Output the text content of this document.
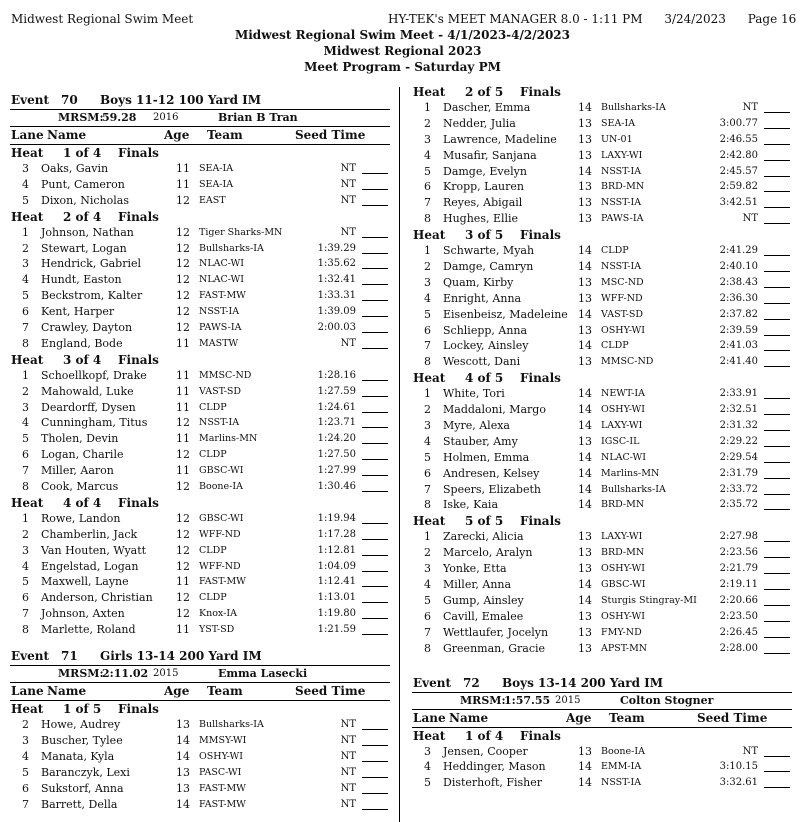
Midwest Regional Swim Meet	HY-TEK's MEET MANAGER 8.0 - 1:11 PM 3/24/2023 Page 16
Midwest Regional Swim Meet - 4/1/2023-4/2/2023
Midwest Regional 2023
Meet Program - Saturday PM
Event 70 Boys 11-12 100 Yard IM
MRSM:
59.28 2016	Brian B Tran
Lane Name	Age Team	Seed Time
Heat 1 of 4 Finals
3 Oaks, Gavin	11 SEA-IA	NT
4 Punt, Cameron	11 SEA-IA	NT
5 Dixon, Nicholas	12 EAST	NT
Heat 2 of 4 Finals
1 Johnson, Nathan	12 Tiger Sharks-MN	NT
2 Stewart, Logan	12 Bullsharks-IA	1:39.29
3 Hendrick, Gabriel	12 NLAC-WI	1:35.62
4 Hundt, Easton	12 NLAC-WI	1:32.41
5 Beckstrom, Kalter	12 FAST-MW	1:33.31
6 Kent, Harper	12 NSST-IA	1:39.09
7 Crawley, Dayton	12 PAWS-IA	2:00.03
8 England, Bode	11 MASTW	NT
Heat 3 of 4 Finals
1 Schoellkopf, Drake	11 MMSC-ND	1:28.16
2 Mahowald, Luke	11 VAST-SD	1:27.59
3 Deardorff, Dysen	11 CLDP	1:24.61
4 Cunningham, Titus	12 NSST-IA	1:23.71
5 Tholen, Devin	11 Marlins-MN	1:24.20
6 Logan, Charile	12 CLDP	1:27.50
7 Miller, Aaron	11 GBSC-WI	1:27.99
8 Cook, Marcus	12 Boone-IA	1:30.46
Heat 4 of 4 Finals
1 Rowe, Landon	12 GBSC-WI	1:19.94
2 Chamberlin, Jack	12 WFF-ND	1:17.28
3 Van Houten, Wyatt	12 CLDP	1:12.81
4 Engelstad, Logan	12 WFF-ND	1:04.09
5 Maxwell, Layne	11 FAST-MW	1:12.41
6 Anderson, Christian 12 CLDP	1:13.01
7 Johnson, Axten	12 Knox-IA	1:19.80
8 Marlette, Roland	11 YST-SD	1:21.59
Event 71 Girls 13-14 200 Yard IM
MRSM:
2:11.02 2015	Emma Lasecki
Lane Name	Age Team	Seed Time
Heat 1 of 5 Finals
2 Howe, Audrey	13 Bullsharks-IA	NT
3 Buscher, Tylee	14 MMSY-WI	NT
4 Manata, Kyla	14 OSHY-WI	NT
5 Baranczyk, Lexi	13 PASC-WI	NT
6 Sukstorf, Anna	13 FAST-MW	NT
7 Barrett, Della	14 FAST-MW	NT
Heat 2 of 5 Finals
1 Dascher, Emma	14 Bullsharks-IA	NT
2 Nedder, Julia	13 SEA-IA	3:00.77
3 Lawrence, Madeline 13 UN-01	2:46.55
4 Musafir, Sanjana	13 LAXY-WI	2:42.80
5 Damge, Evelyn	14 NSST-IA	2:45.57
6 Kropp, Lauren	13 BRD-MN	2:59.82
7 Reyes, Abigail	13 NSST-IA	3:42.51
8 Hughes, Ellie	13 PAWS-IA	NT
Heat 3 of 5 Finals
1 Schwarte, Myah	14 CLDP	2:41.29
2 Damge, Camryn	14 NSST-IA	2:40.10
3 Quam, Kirby	13 MSC-ND	2:38.43
4 Enright, Anna	13 WFF-ND	2:36.30
5 Eisenbeisz, Madeleine 14 VAST-SD	2:37.82
6 Schliepp, Anna	13 OSHY-WI	2:39.59
7 Lockey, Ainsley	14 CLDP	2:41.03
8 Wescott, Dani	13 MMSC-ND	2:41.40
Heat 4 of 5 Finals
1 White, Tori	14 NEWT-IA	2:33.91
2 Maddaloni, Margo	14 OSHY-WI	2:32.51
3 Myre, Alexa	14 LAXY-WI	2:31.32
4 Stauber, Amy	13 IGSC-IL	2:29.22
5 Holmen, Emma	14 NLAC-WI	2:29.54
6 Andresen, Kelsey	14 Marlins-MN	2:31.79
7 Speers, Elizabeth	14 Bullsharks-IA	2:33.72
8 Iske, Kaia	14 BRD-MN	2:35.72
Heat 5 of 5 Finals
1 Zarecki, Alicia	13 LAXY-WI	2:27.98
2 Marcelo, Aralyn	13 BRD-MN	2:23.56
3 Yonke, Etta	13 OSHY-WI	2:21.79
4 Miller, Anna	14 GBSC-WI	2:19.11
5 Gump, Ainsley	14 Sturgis Stingray-MI	2:20.66
6 Cavill, Emalee	13 OSHY-WI	2:23.50
7 Wettlaufer, Jocelyn	13 FMY-ND	2:26.45
8 Greenman, Gracie	13 APST-MN	2:28.00
Event 72 Boys 13-14 200 Yard IM
MRSM:
1:57.55 2015	Colton Stogner
Lane Name	Age Team	Seed Time
Heat 1 of 4 Finals
3 Jensen, Cooper	13 Boone-IA	NT
4 Heddinger, Mason	14 EMM-IA	3:10.15
5 Disterhoft, Fisher	14 NSST-IA	3:32.61
